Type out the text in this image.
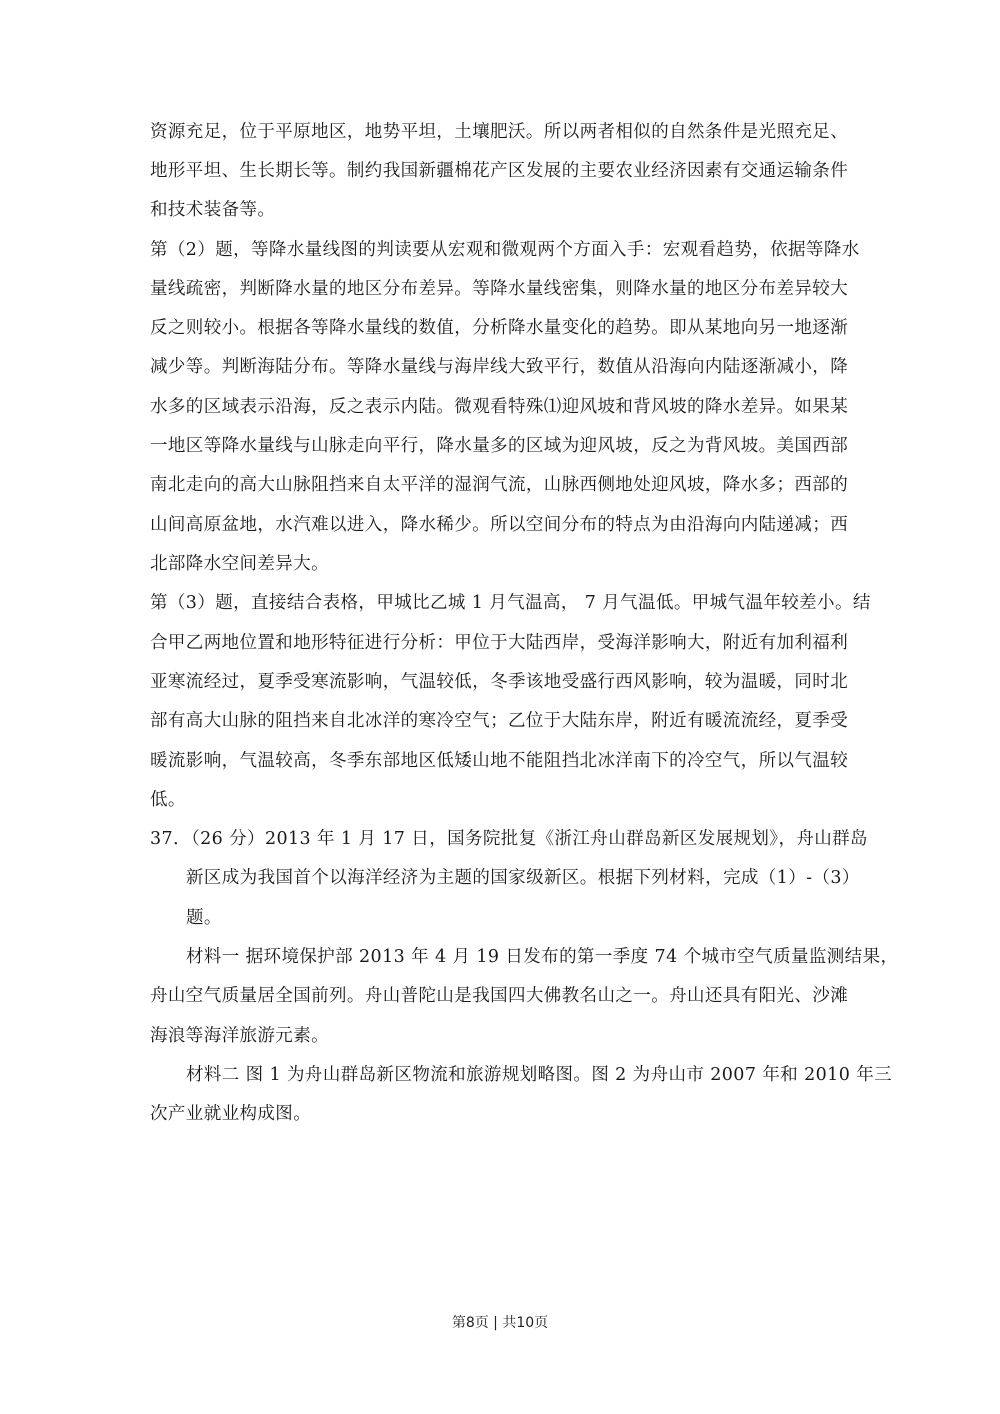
资源充足，位于平原地区，地势平坦，土壤肥沃。所以两者相似的自然条件是光照充足、
地形平坦、生长期长等。制约我国新疆棉花产区发展的主要农业经济因素有交通运输条件
和技术装备等。
第（2）题，等降水量线图的判读要从宏观和微观两个方面入手：宏观看趋势，依据等降水
量线疏密，判断降水量的地区分布差异。等降水量线密集，则降水量的地区分布差异较大
反之则较小。根据各等降水量线的数值，分析降水量变化的趋势。即从某地向另一地逐渐
减少等。判断海陆分布。等降水量线与海岸线大致平行，数值从沿海向内陆逐渐减小，降
水多的区域表示沿海，反之表示内陆。微观看特殊⑴迎风坡和背风坡的降水差异。如果某
一地区等降水量线与山脉走向平行，降水量多的区域为迎风坡，反之为背风坡。美国西部
南北走向的高大山脉阻挡来自太平洋的湿润气流，山脉西侧地处迎风坡，降水多；西部的
山间高原盆地，水汽难以进入，降水稀少。所以空间分布的特点为由沿海向内陆递减；西
北部降水空间差异大。
第（3）题，直接结合表格，甲城比乙城 1 月气温高， 7 月气温低。甲城气温年较差小。结
合甲乙两地位置和地形特征进行分析：甲位于大陆西岸，受海洋影响大，附近有加利福利
亚寒流经过，夏季受寒流影响，气温较低，冬季该地受盛行西风影响，较为温暖，同时北
部有高大山脉的阻挡来自北冰洋的寒冷空气；乙位于大陆东岸，附近有暖流流经，夏季受
暖流影响，气温较高，冬季东部地区低矮山地不能阻挡北冰洋南下的冷空气，所以气温较
低。
37．（26 分）2013 年 1 月 17 日，国务院批复《浙江舟山群岛新区发展规划》，舟山群岛
新区成为我国首个以海洋经济为主题的国家级新区。根据下列材料，完成（1）-（3）
题。
材料一 据环境保护部 2013 年 4 月 19 日发布的第一季度 74 个城市空气质量监测结果，
舟山空气质量居全国前列。舟山普陀山是我国四大佛教名山之一。舟山还具有阳光、沙滩
海浪等海洋旅游元素。
材料二 图 1 为舟山群岛新区物流和旅游规划略图。图 2 为舟山市 2007 年和 2010 年三
次产业就业构成图。
第8页 | 共10页
